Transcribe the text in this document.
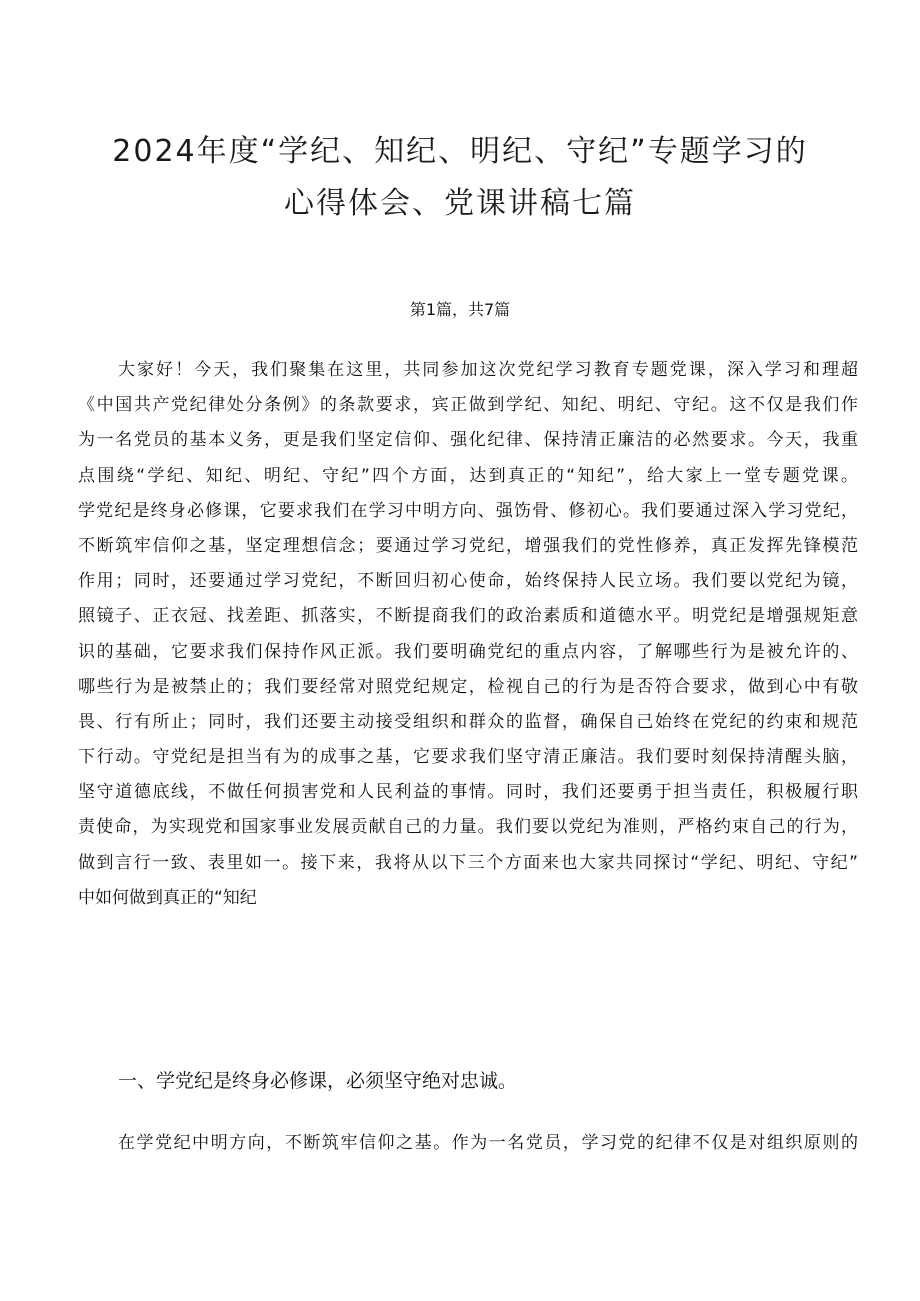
2024年度“学纪、知纪、明纪、守纪”专题学习的
心得体会、党课讲稿七篇
第1篇，共7篇
大家好！今天，我们聚集在这里，共同参加这次党纪学习教育专题党课，深入学习和理超
《中国共产党纪律处分条例》的条款要求，宾正做到学纪、知纪、明纪、守纪。这不仅是我们作
为一名党员的基本义务，更是我们坚定信仰、强化纪律、保持清正廉洁的必然要求。今天，我重
点围绕“学纪、知纪、明纪、守纪”四个方面，达到真正的“知纪”，给大家上一堂专题党课。
学党纪是终身必修课，它要求我们在学习中明方向、强饬骨、修初心。我们要通过深入学习党纪，
不断筑牢信仰之基，坚定理想信念；要通过学习党纪，增强我们的党性修养，真正发挥先锋模范
作用；同时，还要通过学习党纪，不断回归初心使命，始终保持人民立场。我们要以党纪为镜，
照镜子、正衣冠、找差距、抓落实，不断提商我们的政治素质和道德水平。明党纪是增强规矩意
识的基础，它要求我们保持作风正派。我们要明确党纪的重点内容，了解哪些行为是被允许的、
哪些行为是被禁止的；我们要经常对照党纪规定，检视自己的行为是否符合要求，做到心中有敬
畏、行有所止；同时，我们还要主动接受组织和群众的监督，确保自己始终在党纪的约束和规范
下行动。守党纪是担当有为的成事之基，它要求我们坚守清正廉洁。我们要时刻保持清醒头脑，
坚守道德底线，不做任何损害党和人民利益的事情。同时，我们还要勇于担当责任，积极履行职
责使命，为实现党和国家事业发展贡献自己的力量。我们要以党纪为准则，严格约束自己的行为，
做到言行一致、表里如一。接下来，我将从以下三个方面来也大家共同探讨“学纪、明纪、守纪”
中如何做到真正的“知纪
一、学党纪是终身必修课，必须坚守绝对忠诚。
在学党纪中明方向，不断筑牢信仰之基。作为一名党员，学习党的纪律不仅是对组织原则的
